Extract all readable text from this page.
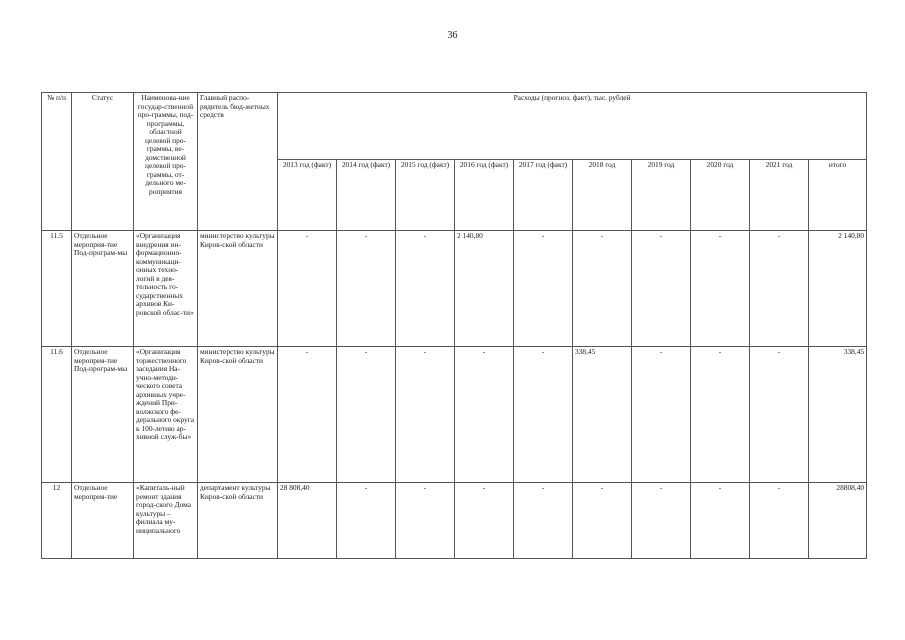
36
№ п/п	Статус	Наименова-ние государ-ственной про-граммы, под-программы, областной целевой про-граммы, ве-домственной целевой про-граммы, от-дельного ме-роприятия	Главный распо-рядитель бюд-жетных средств	Расходы (прогноз, факт), тыс. рублей									
				2013 год (факт)	2014 год (факт)	2015 год (факт)	2016 год (факт)	2017 год (факт)	2018 год	2019 год	2020 год	2021 год	итого
11.5	Отдельное мероприя-тие Под-програм-мы	«Организация внедрения ин-формационно-коммуникаци-онных техно-логий в дея-тельность го-сударственных архивов Ки-ровской облас-ти»	министерство культуры Киров-ской области	-	-	-	2 140,80	-	-	-	-	-	2 140,80
11.6	Отдельное мероприя-тие Под-програм-мы	«Организация торжественного заседания На-учно-методи-ческого совета архивных учре-ждений При-волжского фе-дерального округа к 100-летию ар-хивной служ-бы»	министерство культуры Киров-ской области	-	-	-	-	-	338,45	-	-	-	338,45
12	Отдельное мероприя-тие	«Капиталь-ный ремонт здания город-ского Дома культуры – филиала му-ниципального	департамент культуры Киров-ской области	28 808,40	-	-	-	-	-	-	-	-	28808,40
